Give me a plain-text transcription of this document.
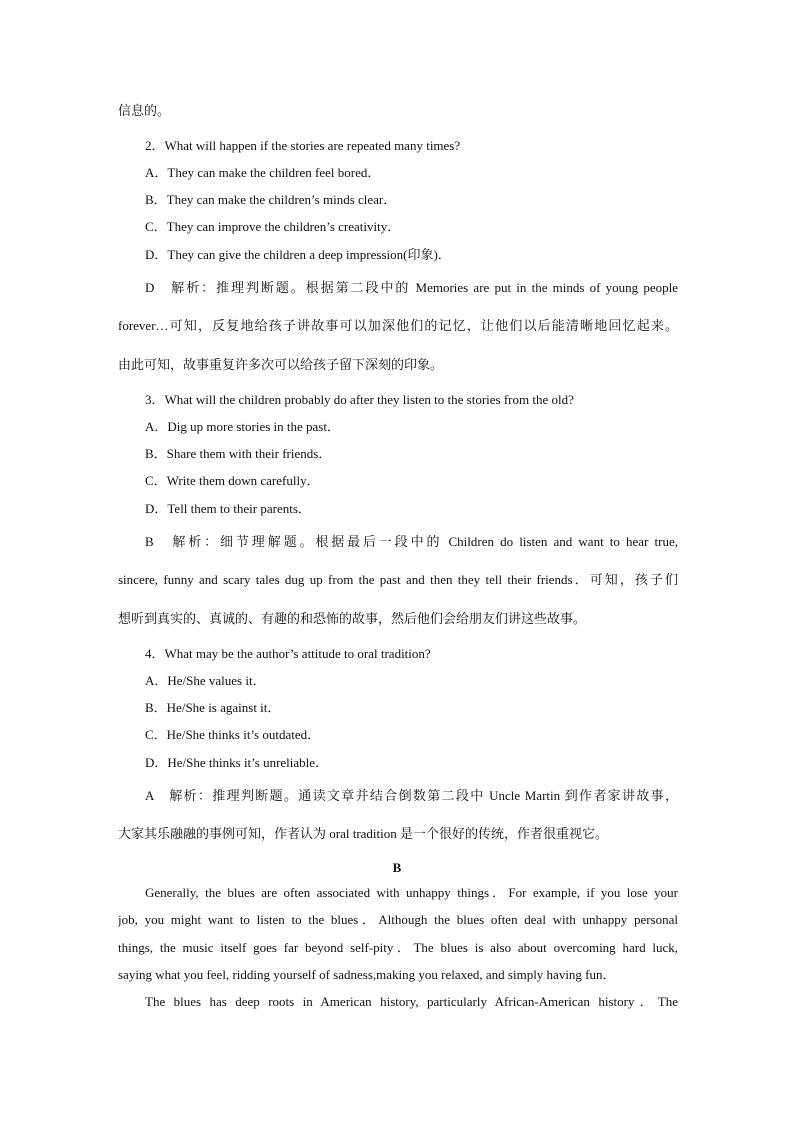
信息的。
2．What will happen if the stories are repeated many times?
A．They can make the children feel bored．
B．They can make the children’s minds clear．
C．They can improve the children’s creativity．
D．They can give the children a deep impression(印象)．
D　解析：推理判断题。根据第二段中的 Memories are put in the minds of young people
forever…可知，反复地给孩子讲故事可以加深他们的记忆，让他们以后能清晰地回忆起来。
由此可知，故事重复许多次可以给孩子留下深刻的印象。
3．What will the children probably do after they listen to the stories from the old?
A．Dig up more stories in the past．
B．Share them with their friends．
C．Write them down carefully．
D．Tell them to their parents．
B　解析：细节理解题。根据最后一段中的 Children do listen and want to hear true,
sincere, funny and scary tales dug up from the past and then they tell their friends．可知，孩子们
想听到真实的、真诚的、有趣的和恐怖的故事，然后他们会给朋友们讲这些故事。
4．What may be the author’s attitude to oral tradition?
A．He/She values it．
B．He/She is against it．
C．He/She thinks it’s outdated．
D．He/She thinks it’s unreliable．
A　解析：推理判断题。通读文章并结合倒数第二段中 Uncle Martin 到作者家讲故事，
大家其乐融融的事例可知，作者认为 oral tradition 是一个很好的传统，作者很重视它。
B
Generally, the blues are often associated with unhappy things．For example, if you lose your
job, you might want to listen to the blues．Although the blues often deal with unhappy personal
things, the music itself goes far beyond self-pity．The blues is also about overcoming hard luck,
saying what you feel, ridding yourself of sadness,making you relaxed, and simply having fun．
The blues has deep roots in American history, particularly African-American history．The
